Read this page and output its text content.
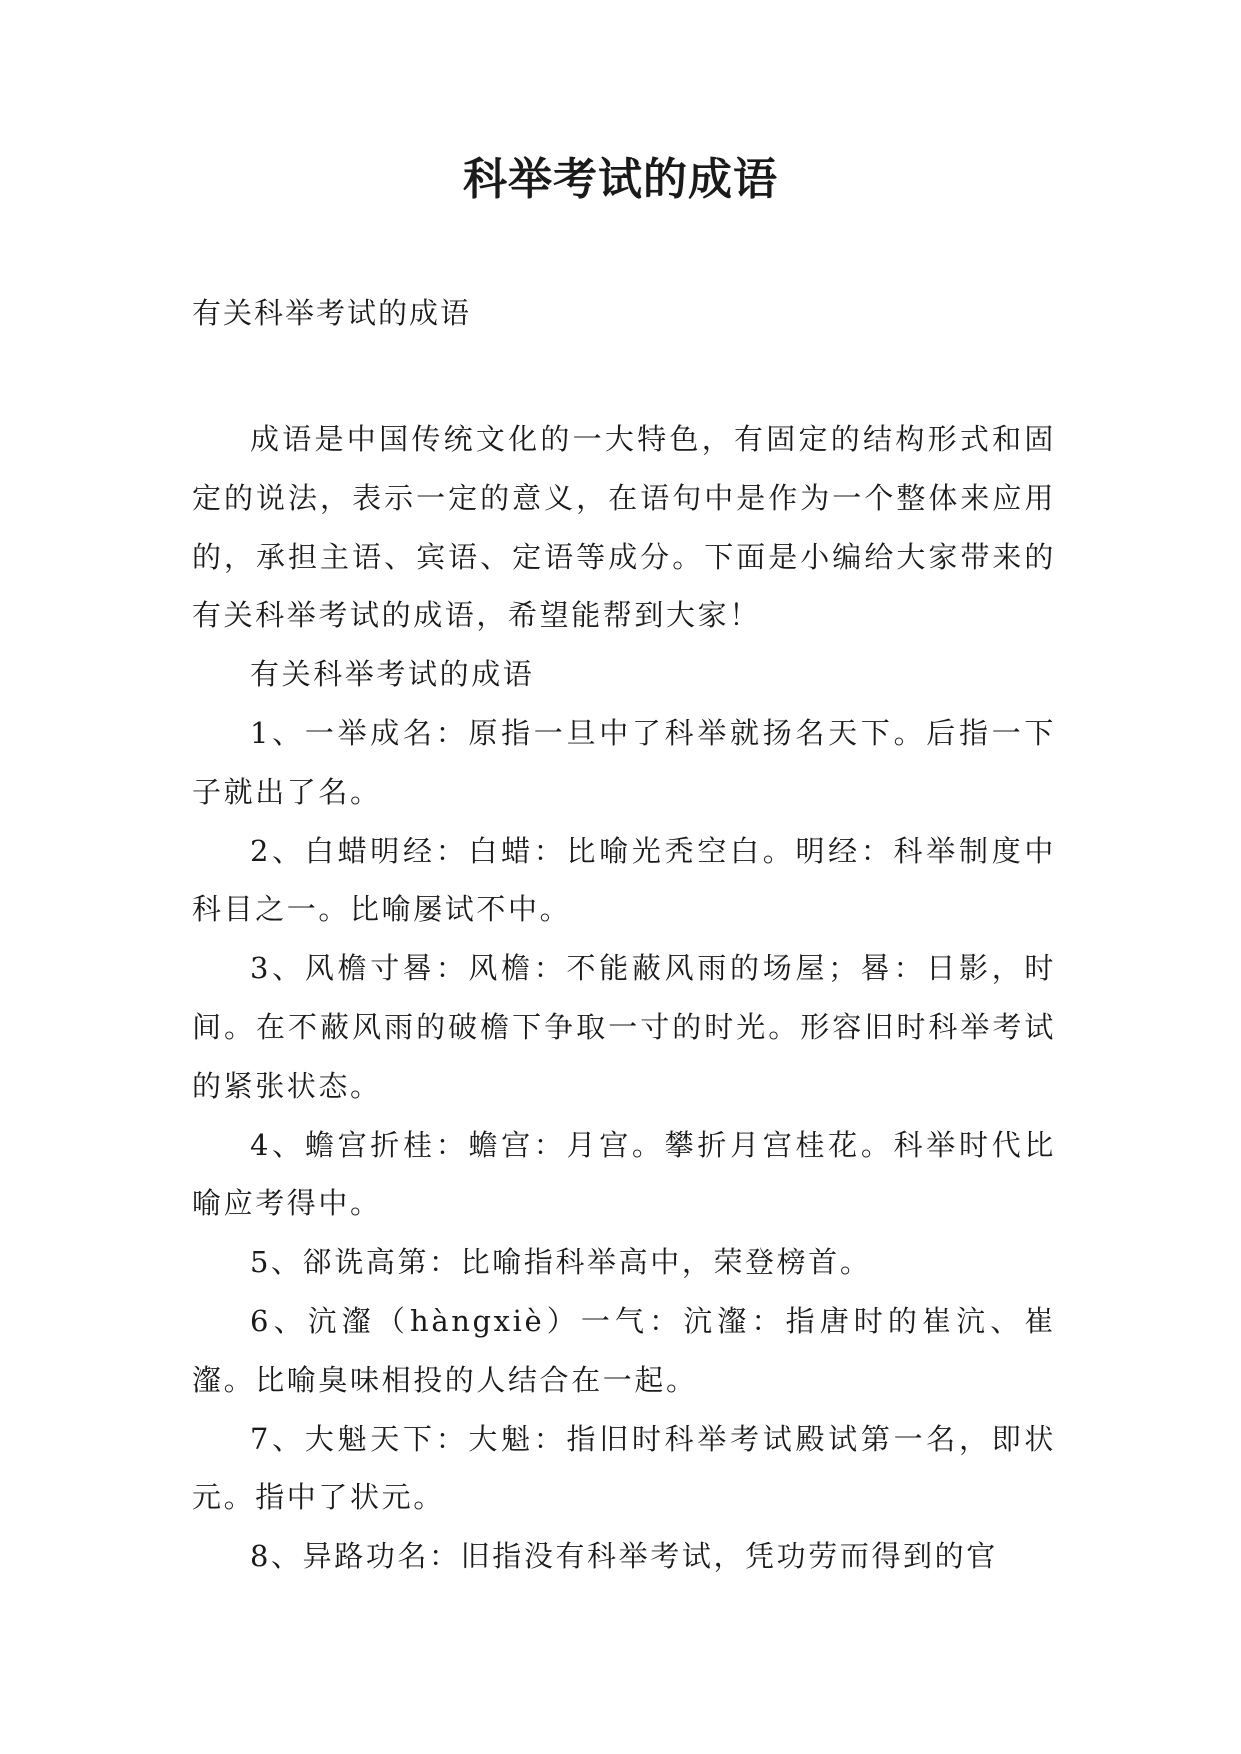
科举考试的成语
有关科举考试的成语

成语是中国传统文化的一大特色，有固定的结构形式和固定的说法，表示一定的意义，在语句中是作为一个整体来应用的，承担主语、宾语、定语等成分。下面是小编给大家带来的有关科举考试的成语，希望能帮到大家！

有关科举考试的成语

1、一举成名：原指一旦中了科举就扬名天下。后指一下子就出了名。

2、白蜡明经：白蜡：比喻光秃空白。明经：科举制度中科目之一。比喻屡试不中。

3、风檐寸晷：风檐：不能蔽风雨的场屋；晷：日影，时间。在不蔽风雨的破檐下争取一寸的时光。形容旧时科举考试的紧张状态。

4、蟾宫折桂：蟾宫：月宫。攀折月宫桂花。科举时代比喻应考得中。

5、郤诜高第：比喻指科举高中，荣登榜首。

6、沆瀣（hàngxiè）一气：沆瀣：指唐时的崔沆、崔瀣。比喻臭味相投的人结合在一起。

7、大魁天下：大魁：指旧时科举考试殿试第一名，即状元。指中了状元。

8、异路功名：旧指没有科举考试，凭功劳而得到的官
